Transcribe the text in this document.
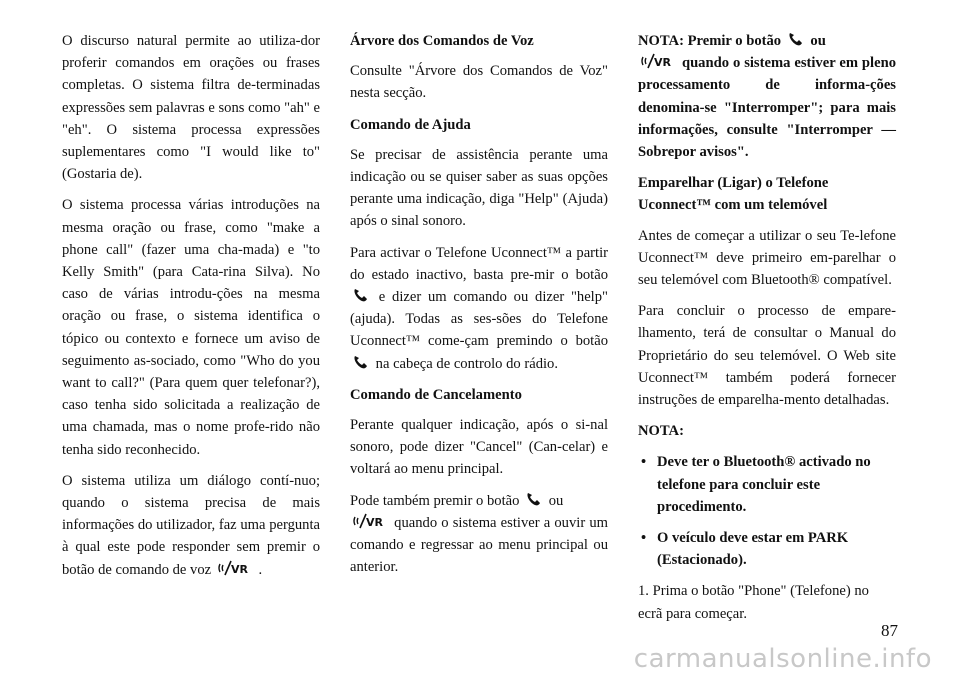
O discurso natural permite ao utiliza-dor proferir comandos em orações ou frases completas. O sistema filtra de-terminadas expressões sem palavras e sons como "ah" e "eh". O sistema processa expressões suplementares como "I would like to" (Gostaria de).

O sistema processa várias introduções na mesma oração ou frase, como "make a phone call" (fazer uma cha-mada) e "to Kelly Smith" (para Cata-rina Silva). No caso de várias introdu-ções na mesma oração ou frase, o sistema identifica o tópico ou contexto e fornece um aviso de seguimento as-sociado, como "Who do you want to call?" (Para quem quer telefonar?), caso tenha sido solicitada a realização de uma chamada, mas o nome profe-rido não tenha sido reconhecido.

O sistema utiliza um diálogo contí-nuo; quando o sistema precisa de mais informações do utilizador, faz uma pergunta à qual este pode responder sem premir o botão de comando de voz VR .

Árvore dos Comandos de Voz

Consulte "Árvore dos Comandos de Voz" nesta secção.

Comando de Ajuda

Se precisar de assistência perante uma indicação ou se quiser saber as suas opções perante uma indicação, diga "Help" (Ajuda) após o sinal sonoro.

Para activar o Telefone Uconnect™ a partir do estado inactivo, basta pre-mir o botão  e dizer um comando ou dizer "help" (ajuda). Todas as ses-sões do Telefone Uconnect™ come-çam premindo o botão  na cabeça de controlo do rádio.

Comando de Cancelamento

Perante qualquer indicação, após o si-nal sonoro, pode dizer "Cancel" (Can-celar) e voltará ao menu principal.

Pode também premir o botão ou

VR quando o sistema estiver a ouvir um comando e regressar ao menu principal ou anterior.

NOTA: Premir o botão ou

VR quando o sistema estiver em pleno processamento de informa-ções denomina-se "Interromper"; para mais informações, consulte "Interromper — Sobrepor avisos".

Emparelhar (Ligar) o Telefone Uconnect™ com um telemóvel

Antes de começar a utilizar o seu Te-lefone Uconnect™ deve primeiro em-parelhar o seu telemóvel com Bluetooth® compatível.

Para concluir o processo de empare-lhamento, terá de consultar o Manual do Proprietário do seu telemóvel. O Web site Uconnect™ também poderá fornecer instruções de emparelha-mento detalhadas.

NOTA:

• Deve ter o Bluetooth® activado no telefone para concluir este procedimento.
• O veículo deve estar em PARK (Estacionado).

1. Prima o botão "Phone" (Telefone) no ecrã para começar.

87
carmanualsonline.info
